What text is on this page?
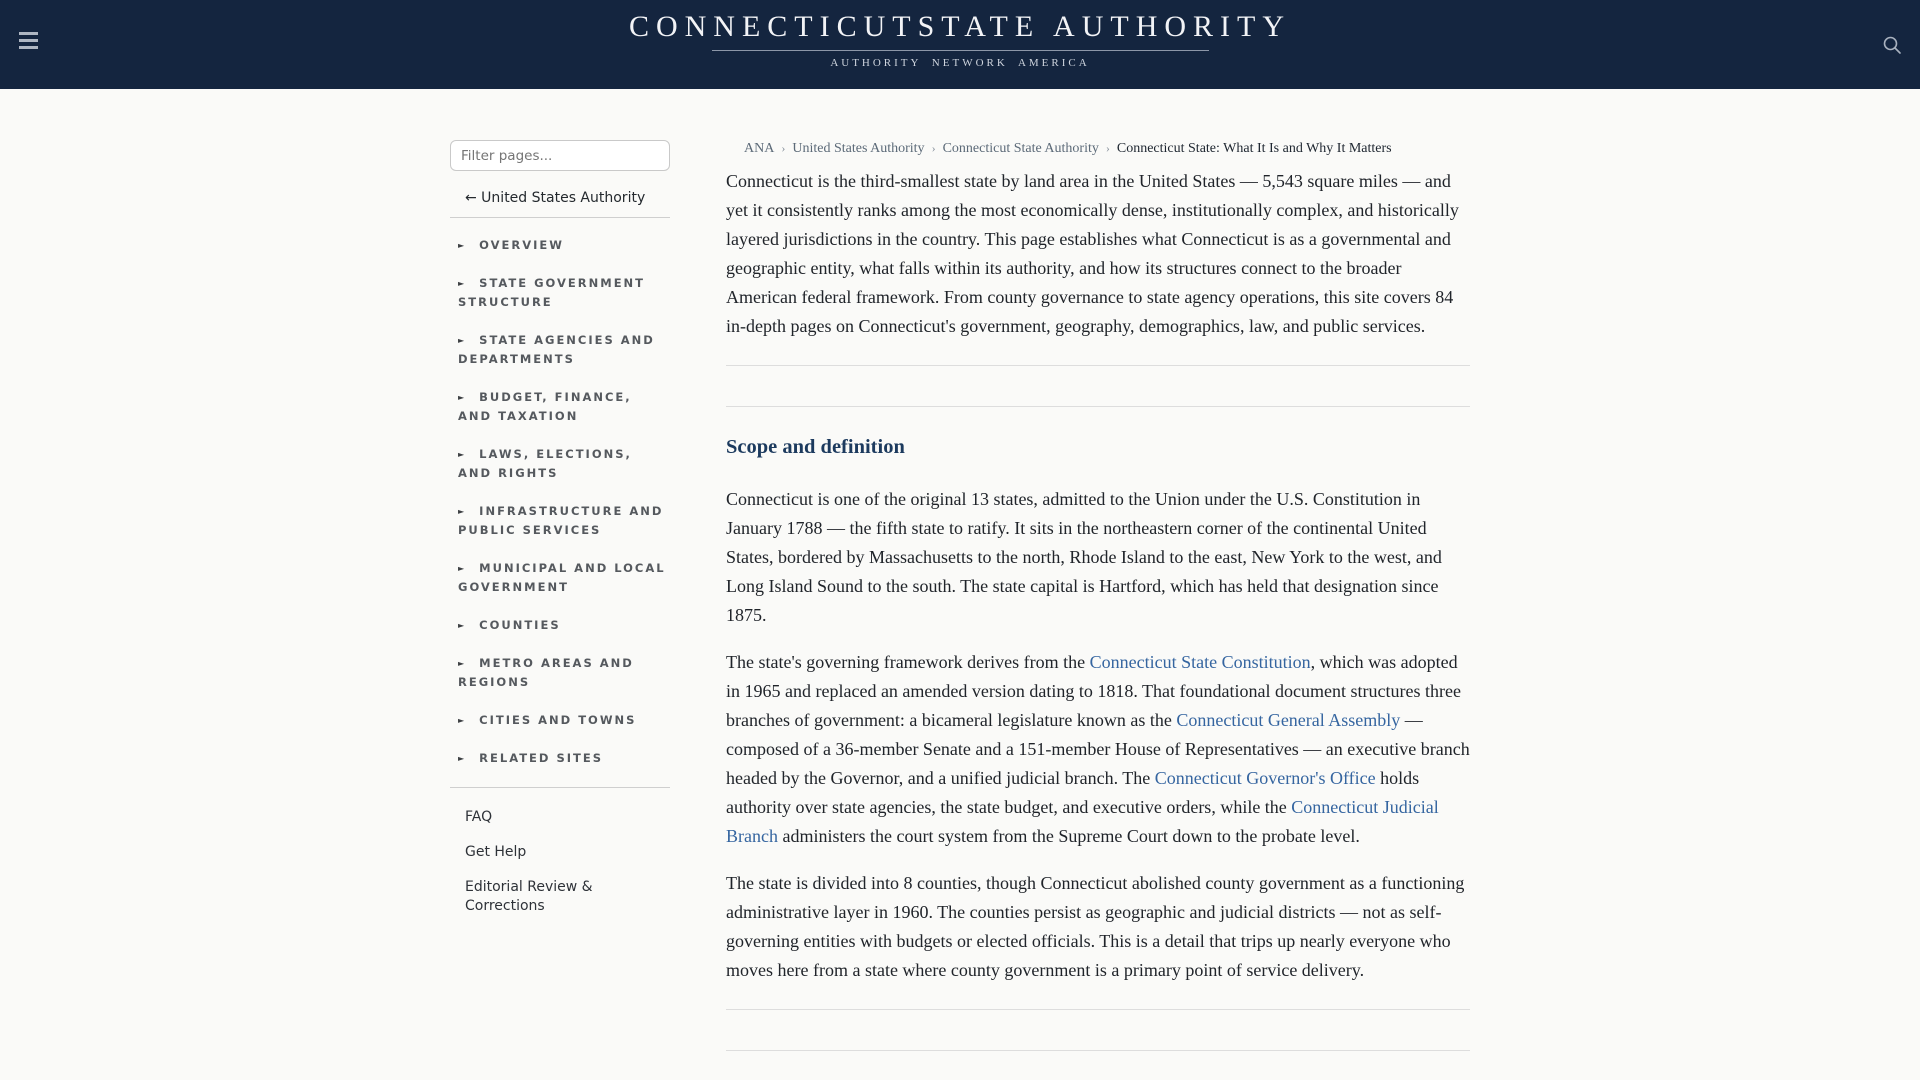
CONNECTICUTSTATE AUTHORITY
AUTHORITY NETWORK AMERICA
Filter pages...
← United States Authority
► OVERVIEW
► STATE GOVERNMENT STRUCTURE
► STATE AGENCIES AND DEPARTMENTS
► BUDGET, FINANCE, AND TAXATION
► LAWS, ELECTIONS, AND RIGHTS
► INFRASTRUCTURE AND PUBLIC SERVICES
► MUNICIPAL AND LOCAL GOVERNMENT
► COUNTIES
► METRO AREAS AND REGIONS
► CITIES AND TOWNS
► RELATED SITES
FAQ
Get Help
Editorial Review & Corrections
ANA › United States Authority › Connecticut State Authority › Connecticut State: What It Is and Why It Matters

Connecticut is the third-smallest state by land area in the United States — 5,543 square miles — and yet it consistently ranks among the most economically dense, institutionally complex, and historically layered jurisdictions in the country. This page establishes what Connecticut is as a governmental and geographic entity, what falls within its authority, and how its structures connect to the broader American federal framework. From county governance to state agency operations, this site covers 84 in-depth pages on Connecticut's government, geography, demographics, law, and public services.

Scope and definition

Connecticut is one of the original 13 states, admitted to the Union under the U.S. Constitution in January 1788 — the fifth state to ratify. It sits in the northeastern corner of the continental United States, bordered by Massachusetts to the north, Rhode Island to the east, New York to the west, and Long Island Sound to the south. The state capital is Hartford, which has held that designation since 1875.

The state's governing framework derives from the Connecticut State Constitution, which was adopted in 1965 and replaced an amended version dating to 1818. That foundational document structures three branches of government: a bicameral legislature known as the Connecticut General Assembly — composed of a 36-member Senate and a 151-member House of Representatives — an executive branch headed by the Governor, and a unified judicial branch. The Connecticut Governor's Office holds authority over state agencies, the state budget, and executive orders, while the Connecticut Judicial Branch administers the court system from the Supreme Court down to the probate level.

The state is divided into 8 counties, though Connecticut abolished county government as a functioning administrative layer in 1960. The counties persist as geographic and judicial districts — not as self-governing entities with budgets or elected officials. This is a detail that trips up nearly everyone who moves here from a state where county government is a primary point of service delivery.
